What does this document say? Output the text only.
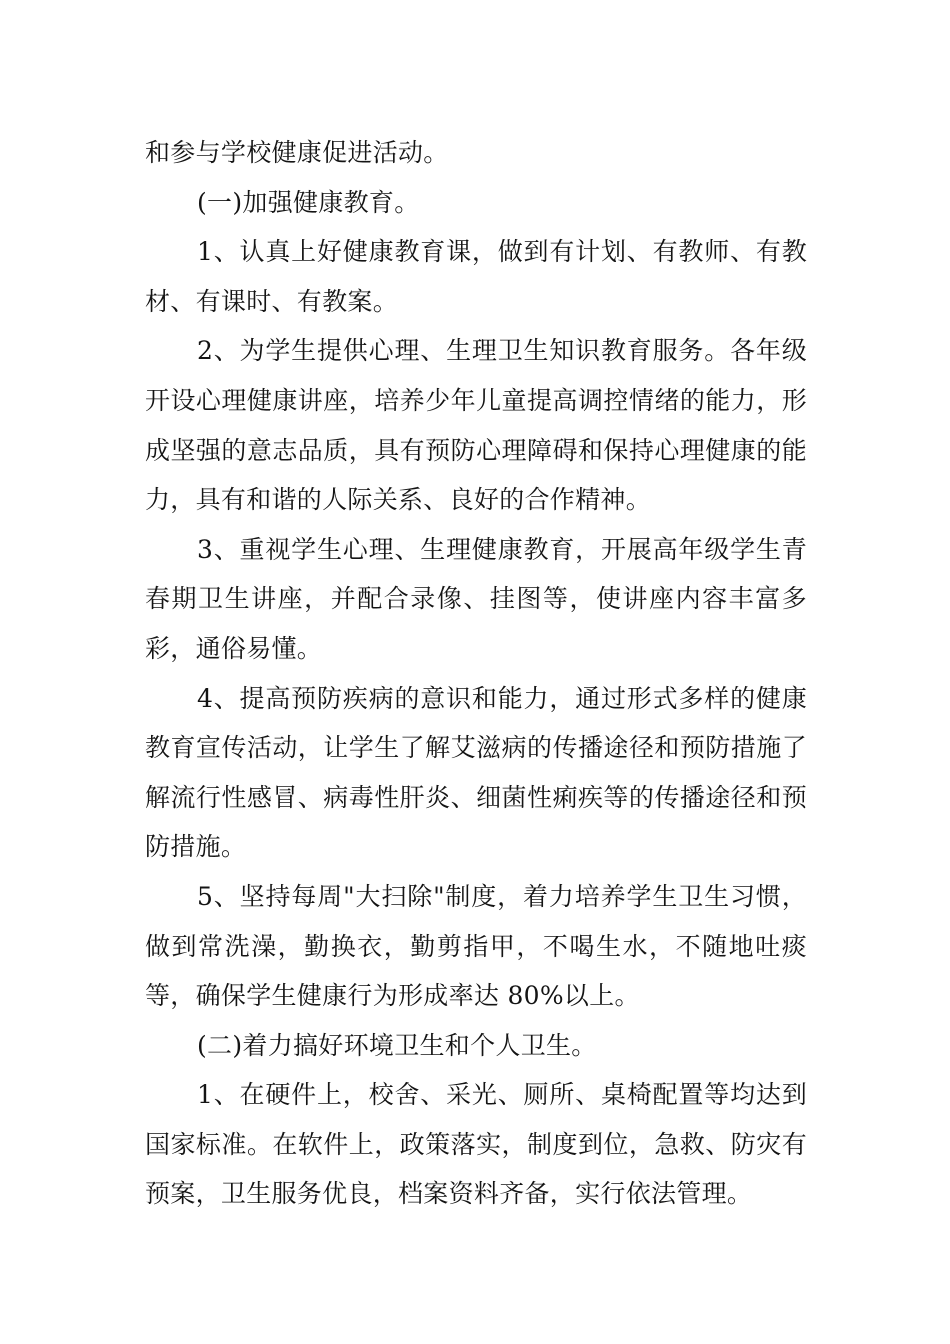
和参与学校健康促进活动。

(一)加强健康教育。

1、认真上好健康教育课，做到有计划、有教师、有教材、有课时、有教案。

2、为学生提供心理、生理卫生知识教育服务。各年级开设心理健康讲座，培养少年儿童提高调控情绪的能力，形成坚强的意志品质，具有预防心理障碍和保持心理健康的能力，具有和谐的人际关系、良好的合作精神。

3、重视学生心理、生理健康教育，开展高年级学生青春期卫生讲座，并配合录像、挂图等，使讲座内容丰富多彩，通俗易懂。

4、提高预防疾病的意识和能力，通过形式多样的健康教育宣传活动，让学生了解艾滋病的传播途径和预防措施了解流行性感冒、病毒性肝炎、细菌性痢疾等的传播途径和预防措施。

5、坚持每周"大扫除"制度，着力培养学生卫生习惯，做到常洗澡，勤换衣，勤剪指甲，不喝生水，不随地吐痰等，确保学生健康行为形成率达 80%以上。

(二)着力搞好环境卫生和个人卫生。

1、在硬件上，校舍、采光、厕所、桌椅配置等均达到国家标准。在软件上，政策落实，制度到位，急救、防灾有预案，卫生服务优良，档案资料齐备，实行依法管理。
